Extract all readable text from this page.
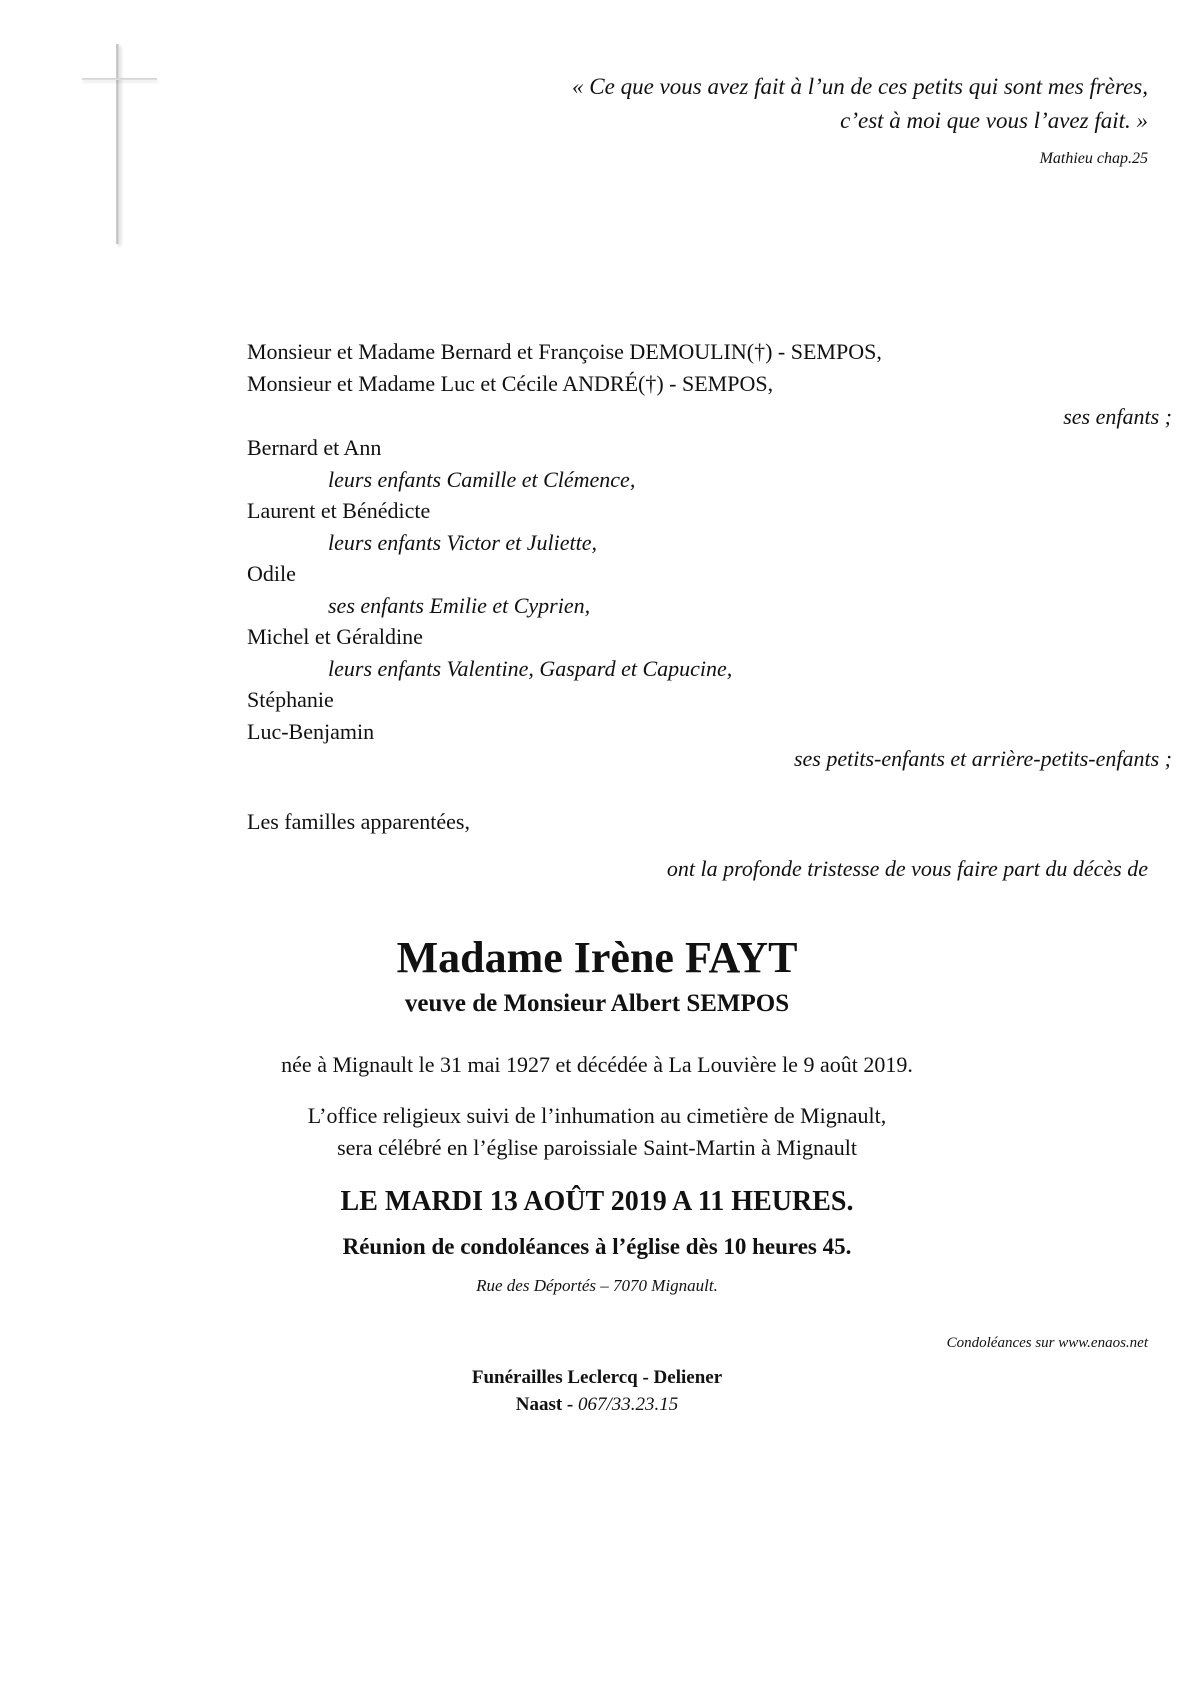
« Ce que vous avez fait à l’un de ces petits qui sont mes frères,
c’est à moi que vous l’avez fait. »
Mathieu chap.25
Monsieur et Madame Bernard et Françoise DEMOULIN(†) - SEMPOS,
Monsieur et Madame Luc et Cécile ANDRÉ(†) - SEMPOS,
ses enfants ;
Bernard et Ann
leurs enfants Camille et Clémence,
Laurent et Bénédicte
leurs enfants Victor et Juliette,
Odile
ses enfants Emilie et Cyprien,
Michel et Géraldine
leurs enfants Valentine, Gaspard et Capucine,
Stéphanie
Luc-Benjamin
ses petits-enfants et arrière-petits-enfants ;
Les familles apparentées,
ont la profonde tristesse de vous faire part du décès de
Madame Irène FAYT
veuve de Monsieur Albert SEMPOS
née à Mignault le 31 mai 1927 et décédée à La Louvière le 9 août 2019.
L’office religieux suivi de l’inhumation au cimetière de Mignault,
sera célébré en l’église paroissiale Saint-Martin à Mignault
LE MARDI 13 AOÛT 2019 A 11 HEURES.
Réunion de condoléances à l’église dès 10 heures 45.
Rue des Déportés – 7070 Mignault.
Condoléances sur www.enaos.net
Funérailles Leclercq - Deliener
Naast - 067/33.23.15
